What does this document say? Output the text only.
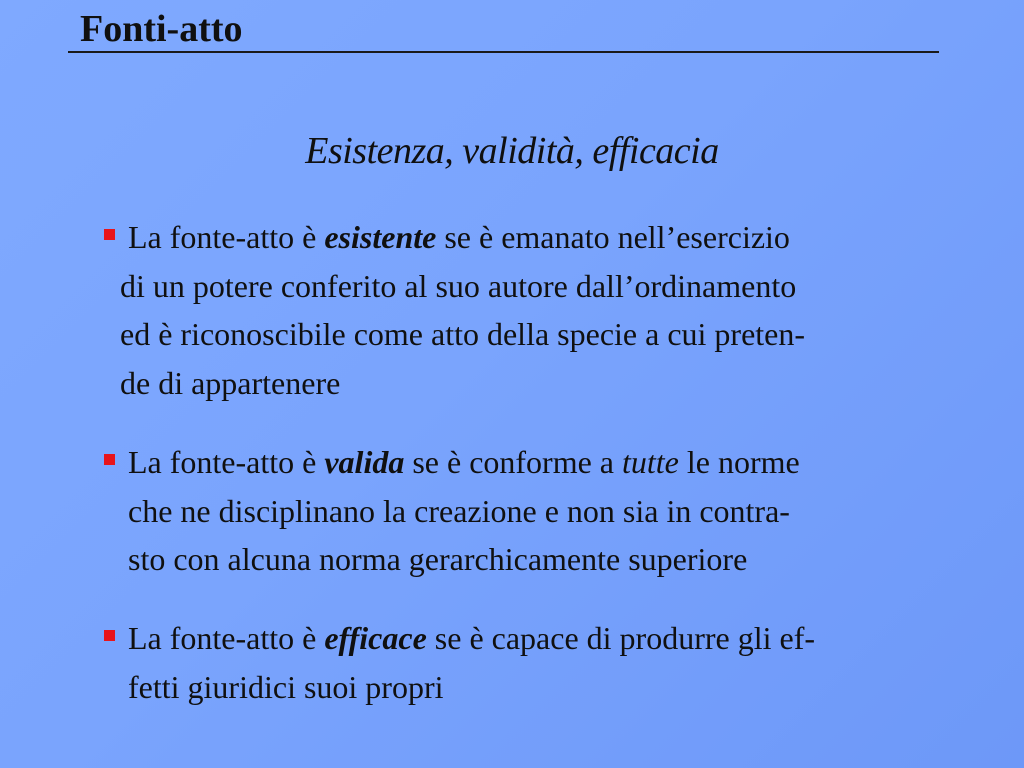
Fonti-atto
Esistenza, validità, efficacia
La fonte-atto è esistente se è emanato nell’esercizio
di un potere conferito al suo autore dall’ordinamento
ed è riconoscibile come atto della specie a cui preten-
de di appartenere
La fonte-atto è valida se è conforme a tutte le norme
che ne disciplinano la creazione e non sia in contra-
sto con alcuna norma gerarchicamente superiore
La fonte-atto è efficace se è capace di produrre gli ef-
fetti giuridici suoi propri
